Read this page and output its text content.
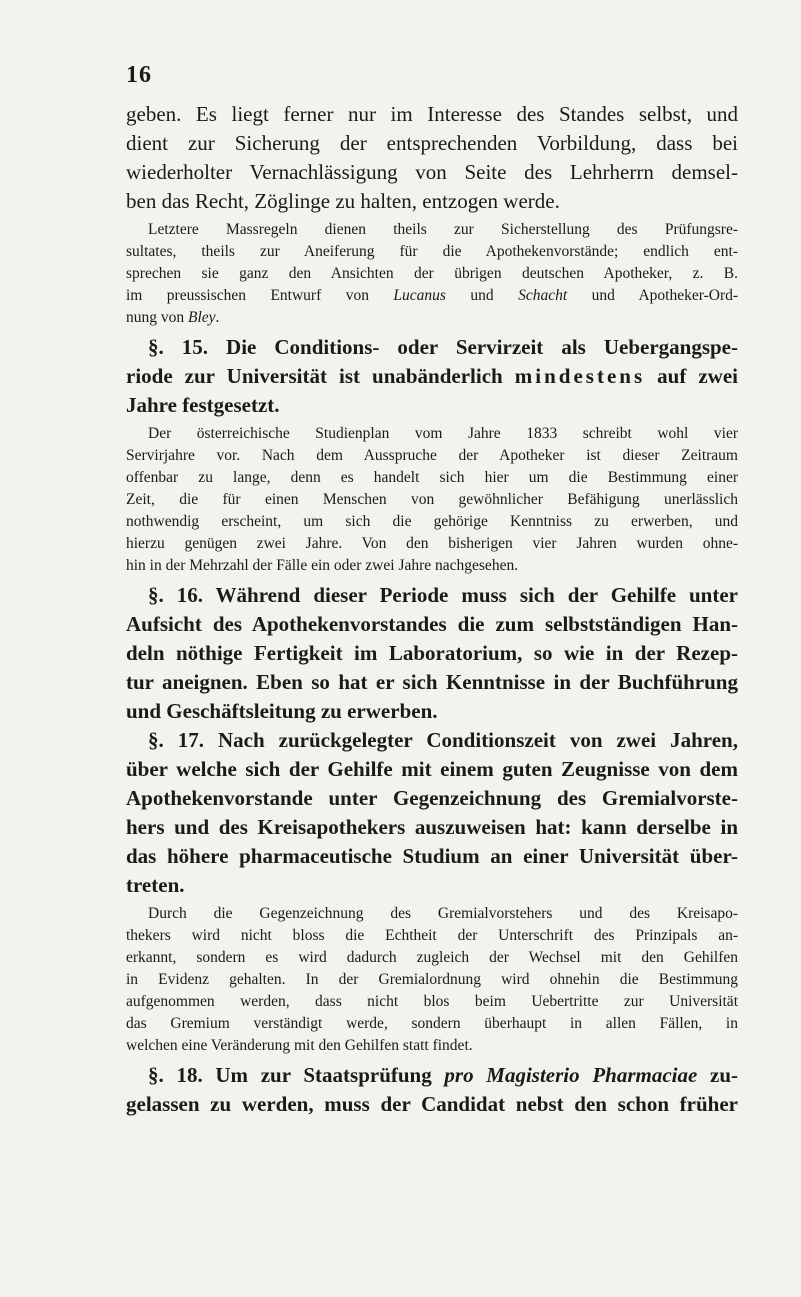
16
geben. Es liegt ferner nur im Interesse des Standes selbst, und
dient zur Sicherung der entsprechenden Vorbildung, dass bei
wiederholter Vernachlässigung von Seite des Lehrherrn demsel-
ben das Recht, Zöglinge zu halten, entzogen werde.
Letztere Massregeln dienen theils zur Sicherstellung des Prüfungsre-
sultates, theils zur Aneiferung für die Apothekenvorstände; endlich ent-
sprechen sie ganz den Ansichten der übrigen deutschen Apotheker, z. B.
im preussischen Entwurf von Lucanus und Schacht und Apotheker-Ord-
nung von Bley.
§. 15. Die Conditions- oder Servirzeit als Uebergangspe-
riode zur Universität ist unabänderlich mindestens auf zwei
Jahre festgesetzt.
Der österreichische Studienplan vom Jahre 1833 schreibt wohl vier
Servirjahre vor. Nach dem Ausspruche der Apotheker ist dieser Zeitraum
offenbar zu lange, denn es handelt sich hier um die Bestimmung einer
Zeit, die für einen Menschen von gewöhnlicher Befähigung unerlässlich
nothwendig erscheint, um sich die gehörige Kenntniss zu erwerben, und
hierzu genügen zwei Jahre. Von den bisherigen vier Jahren wurden ohne-
hin in der Mehrzahl der Fälle ein oder zwei Jahre nachgesehen.
§. 16. Während dieser Periode muss sich der Gehilfe unter
Aufsicht des Apothekenvorstandes die zum selbstständigen Han-
deln nöthige Fertigkeit im Laboratorium, so wie in der Rezep-
tur aneignen. Eben so hat er sich Kenntnisse in der Buchführung
und Geschäftsleitung zu erwerben.
§. 17. Nach zurückgelegter Conditionszeit von zwei Jahren,
über welche sich der Gehilfe mit einem guten Zeugnisse von dem
Apothekenvorstande unter Gegenzeichnung des Gremialvorste-
hers und des Kreisapothekers auszuweisen hat: kann derselbe in
das höhere pharmaceutische Studium an einer Universität über-
treten.
Durch die Gegenzeichnung des Gremialvorstehers und des Kreisapo-
thekers wird nicht bloss die Echtheit der Unterschrift des Prinzipals an-
erkannt, sondern es wird dadurch zugleich der Wechsel mit den Gehilfen
in Evidenz gehalten. In der Gremialordnung wird ohnehin die Bestimmung
aufgenommen werden, dass nicht blos beim Uebertritte zur Universität
das Gremium verständigt werde, sondern überhaupt in allen Fällen, in
welchen eine Veränderung mit den Gehilfen statt findet.
§. 18. Um zur Staatsprüfung pro Magisterio Pharmaciae zu-
gelassen zu werden, muss der Candidat nebst den schon früher
